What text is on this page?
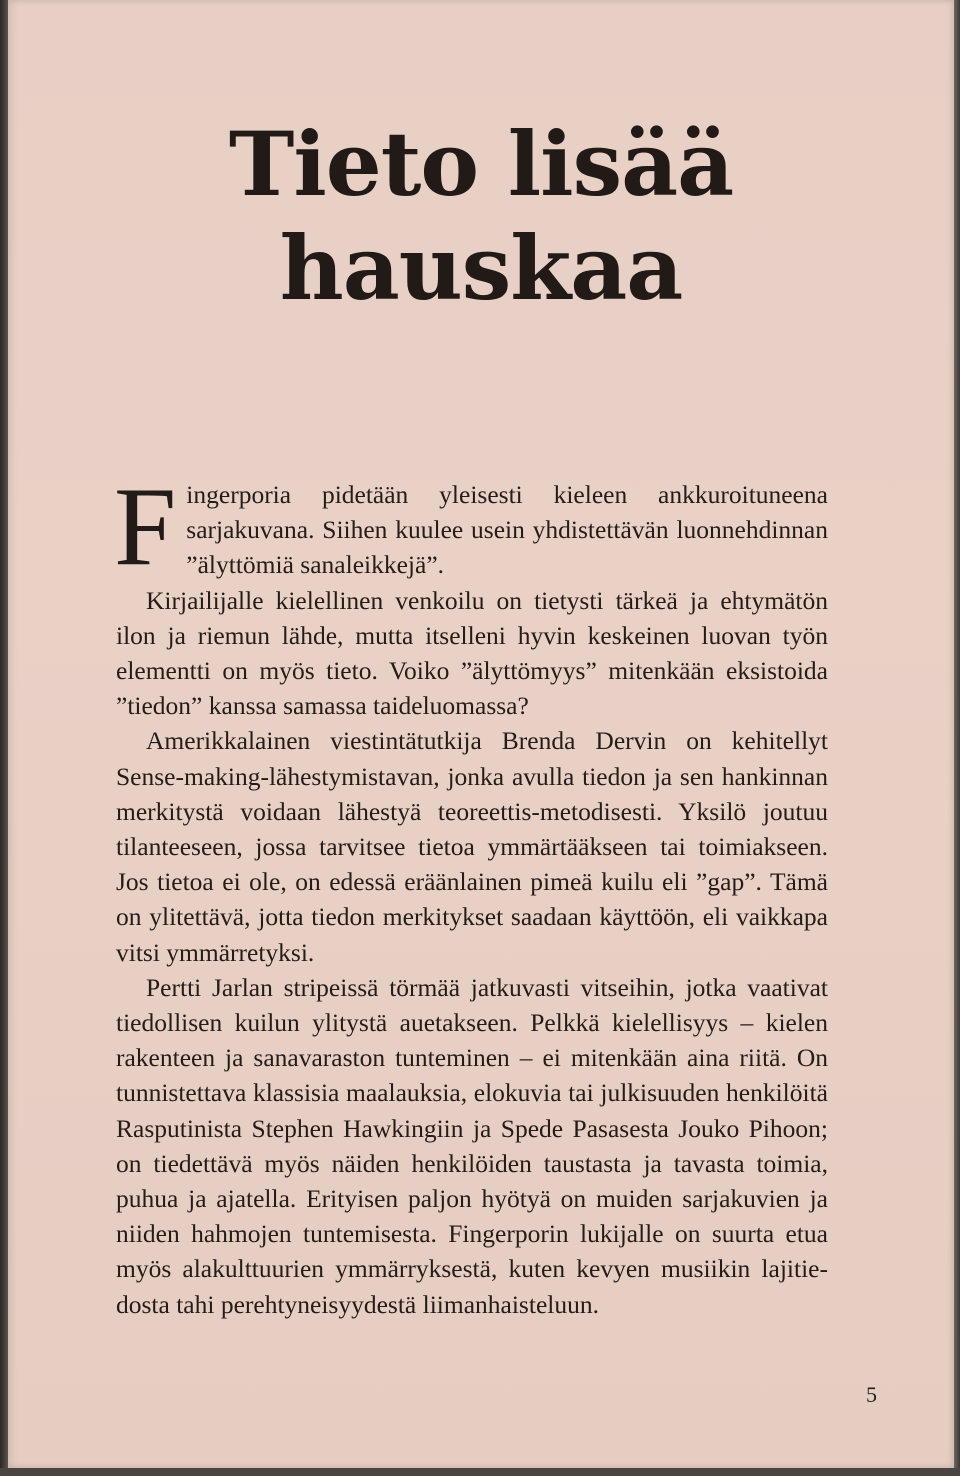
Tieto lisää
hauskaa

Fingerporia pidetään yleisesti kieleen ankkuroituneena sarjakuvana. Siihen kuulee usein yhdistettävän luonnehdinnan ”älyttömiä sanaleikkejä”.

Kirjailijalle kielellinen venkoilu on tietysti tärkeä ja ehtymätön ilon ja riemun lähde, mutta itselleni hyvin keskeinen luovan työn elementti on myös tieto. Voiko ”älyttömyys” mitenkään eksistoida ”tiedon” kanssa samassa taideluomassa?

Amerikkalainen viestintätutkija Brenda Dervin on kehitellyt Sense-making-lähestymistavan, jonka avulla tiedon ja sen hankinnan merkitystä voidaan lähestyä teoreettis-metodisesti. Yksilö joutuu tilanteeseen, jossa tarvitsee tietoa ymmärtääkseen tai toimiakseen. Jos tietoa ei ole, on edessä eräänlainen pimeä kuilu eli ”gap”. Tämä on ylitettävä, jotta tiedon merkitykset saadaan käyttöön, eli vaikkapa vitsi ymmärretyksi.

Pertti Jarlan stripeissä törmää jatkuvasti vitseihin, jotka vaativat tiedollisen kuilun ylitystä auetakseen. Pelkkä kielellisyys – kielen rakenteen ja sanavaraston tunteminen – ei mitenkään aina riitä. On tunnistettava klassisia maalauksia, elokuvia tai julkisuuden henkilöitä Rasputinista Stephen Hawkingiin ja Spede Pasasesta Jouko Pihoon; on tiedettävä myös näiden henkilöiden taustasta ja tavasta toimia, puhua ja ajatella. Erityisen paljon hyötyä on muiden sarjakuvien ja niiden hahmojen tuntemisesta. Fingerporin lukijalle on suurta etua myös alakulttuurien ymmärryksestä, kuten kevyen musiikin lajitiedosta tahi perehtyneisyydestä liimanhaisteluun.

5
